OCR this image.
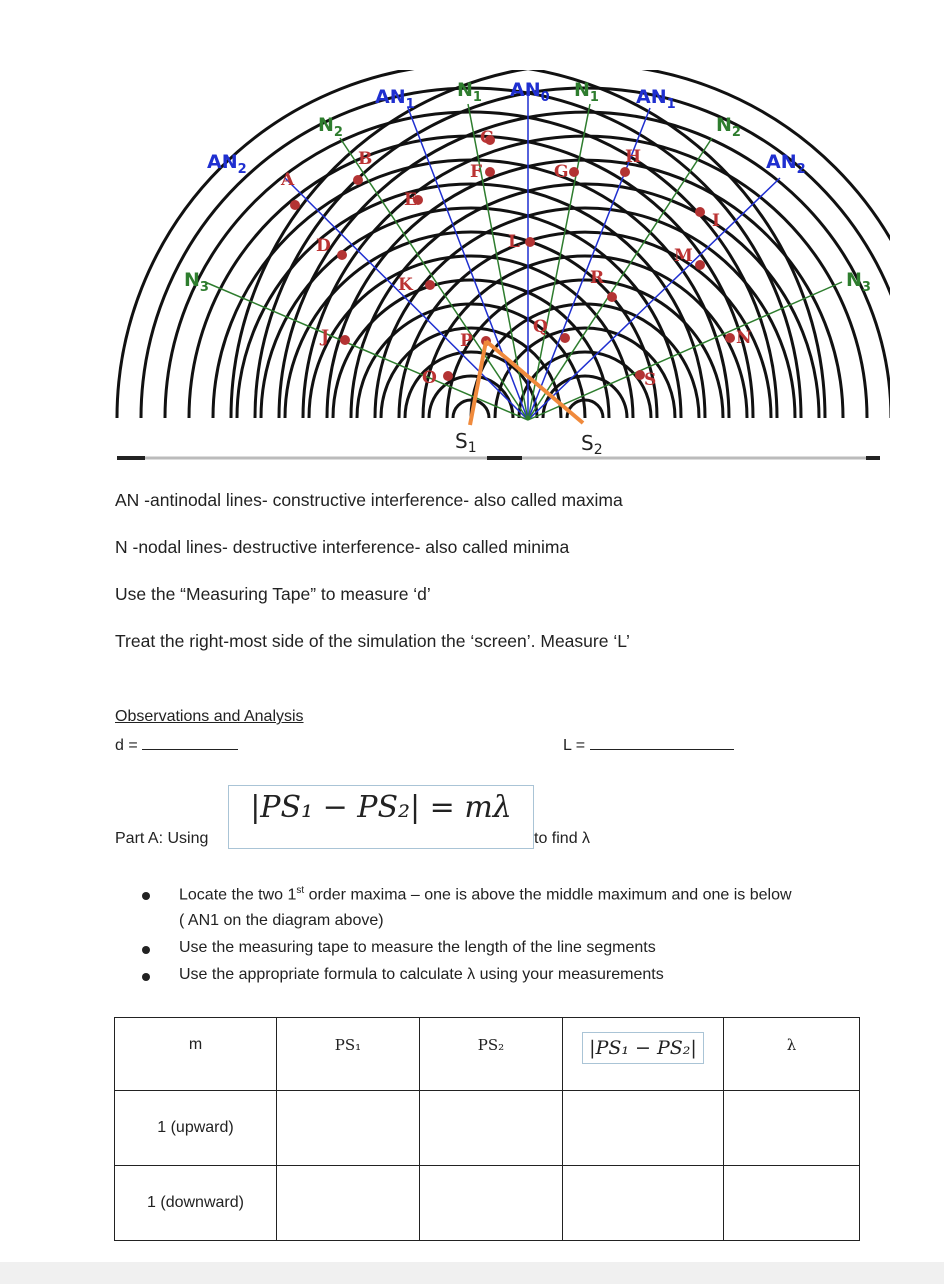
A
B
C
D
E
F	G
H
I
J
K
L
M
N
O
P
Q
R
S
$AN_2$
$AN_1$
$AN_0$	$AN_1$
$AN_2$
$N_3$
$N_2$
$N_1$	$N_1$
$N_2$
$N_3$
$S_1$	$S_2$
AN -antinodal lines- constructive interference- also called maxima
N -nodal lines- destructive interference- also called minima
Use the “Measuring Tape” to measure ‘d’
Treat the right-most side of the simulation the ‘screen’. Measure ‘L’
Observations and Analysis
d =	L =
Part A: Using
|PS₁ − PS₂| = mλ
to find λ
Locate the two 1st order maxima – one is above the middle maximum and one is below
( AN1 on the diagram above)
Use the measuring tape to measure the length of the line segments
Use the appropriate formula to calculate λ using your measurements
m	PS₁	PS₂	|PS₁ − PS₂|	λ
1 (upward)				
1 (downward)				
